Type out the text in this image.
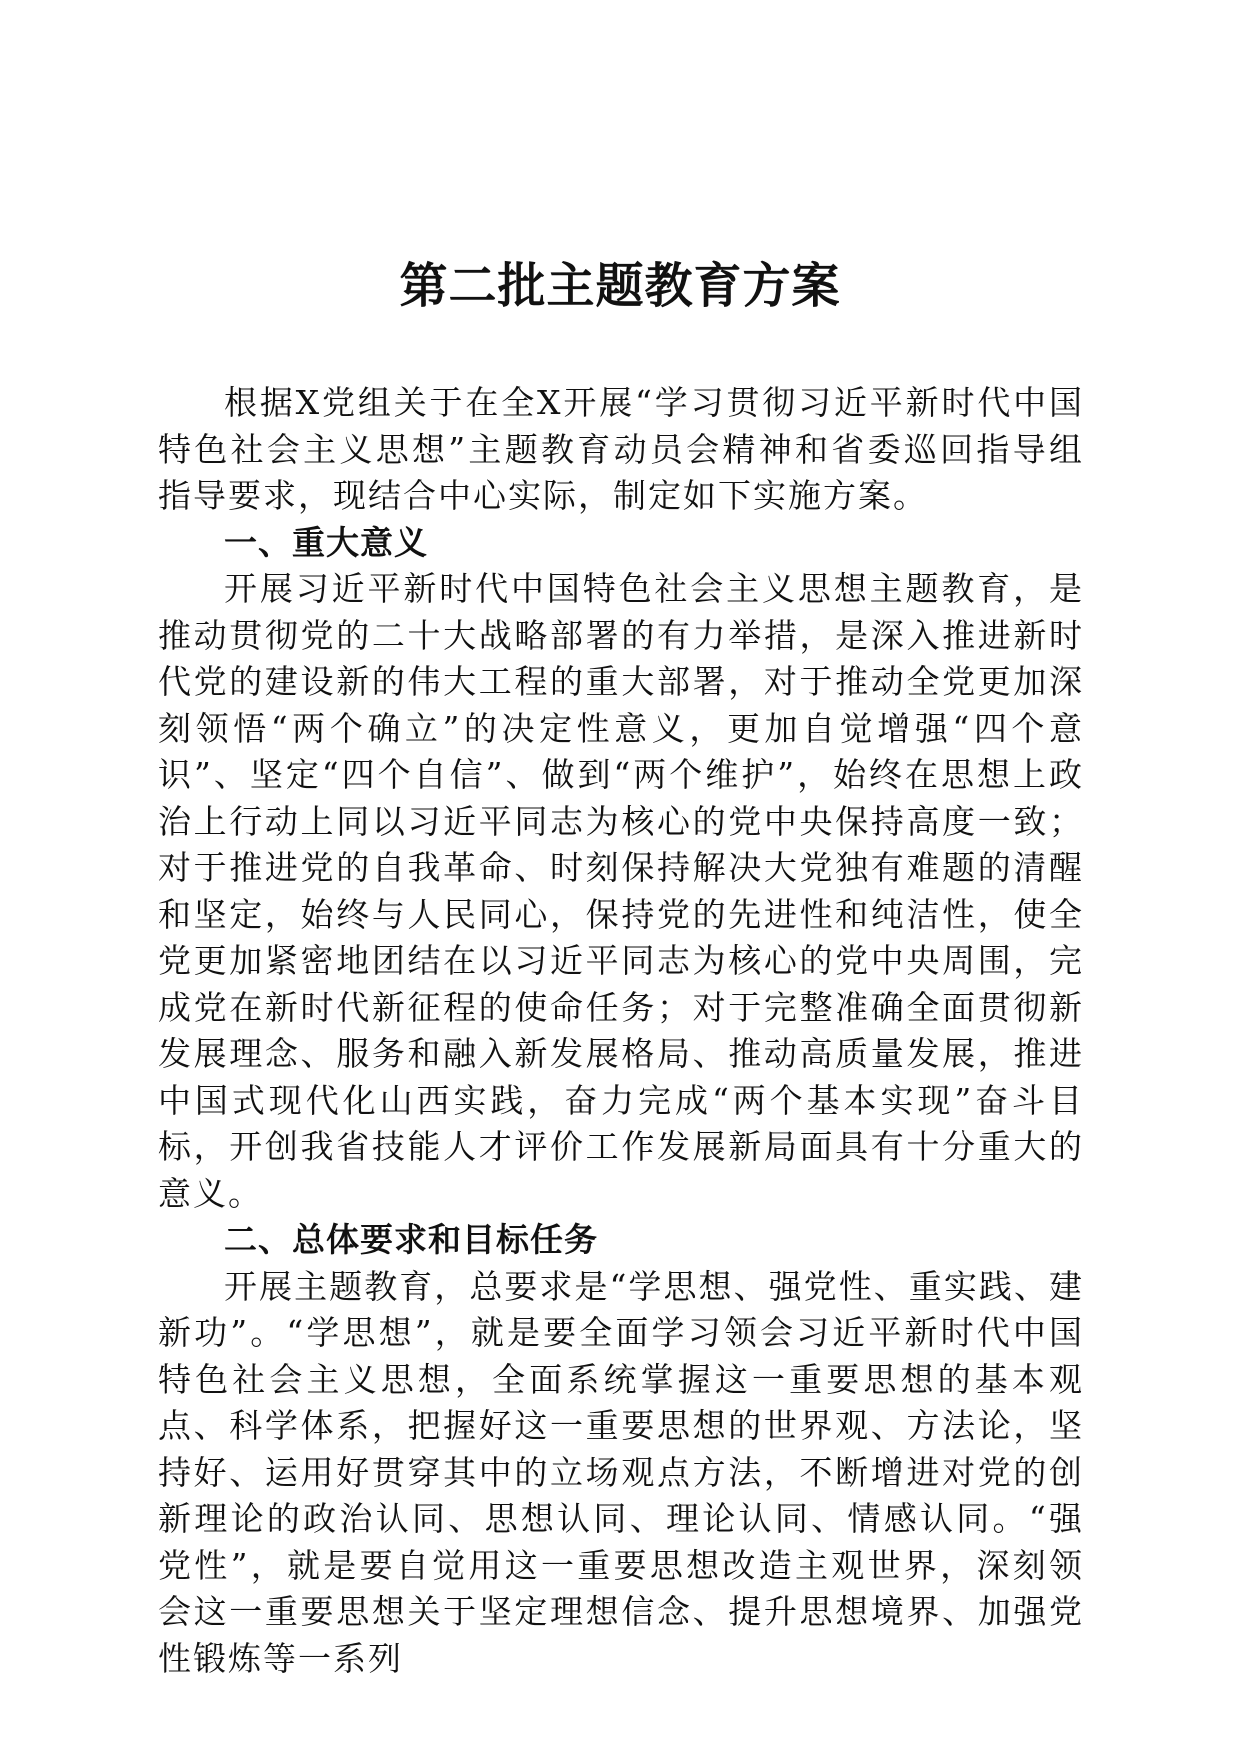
第二批主题教育方案

根据X党组关于在全X开展“学习贯彻习近平新时代中国特色社会主义思想”主题教育动员会精神和省委巡回指导组指导要求，现结合中心实际，制定如下实施方案。

一、重大意义

开展习近平新时代中国特色社会主义思想主题教育，是推动贯彻党的二十大战略部署的有力举措，是深入推进新时代党的建设新的伟大工程的重大部署，对于推动全党更加深刻领悟“两个确立”的决定性意义，更加自觉增强“四个意识”、坚定“四个自信”、做到“两个维护”，始终在思想上政治上行动上同以习近平同志为核心的党中央保持高度一致；对于推进党的自我革命、时刻保持解决大党独有难题的清醒和坚定，始终与人民同心，保持党的先进性和纯洁性，使全党更加紧密地团结在以习近平同志为核心的党中央周围，完成党在新时代新征程的使命任务；对于完整准确全面贯彻新发展理念、服务和融入新发展格局、推动高质量发展，推进中国式现代化山西实践，奋力完成“两个基本实现”奋斗目标，开创我省技能人才评价工作发展新局面具有十分重大的意义。

二、总体要求和目标任务

开展主题教育，总要求是“学思想、强党性、重实践、建新功”。“学思想”，就是要全面学习领会习近平新时代中国特色社会主义思想，全面系统掌握这一重要思想的基本观点、科学体系，把握好这一重要思想的世界观、方法论，坚持好、运用好贯穿其中的立场观点方法，不断增进对党的创新理论的政治认同、思想认同、理论认同、情感认同。“强党性”，就是要自觉用这一重要思想改造主观世界，深刻领会这一重要思想关于坚定理想信念、提升思想境界、加强党性锻炼等一系列
